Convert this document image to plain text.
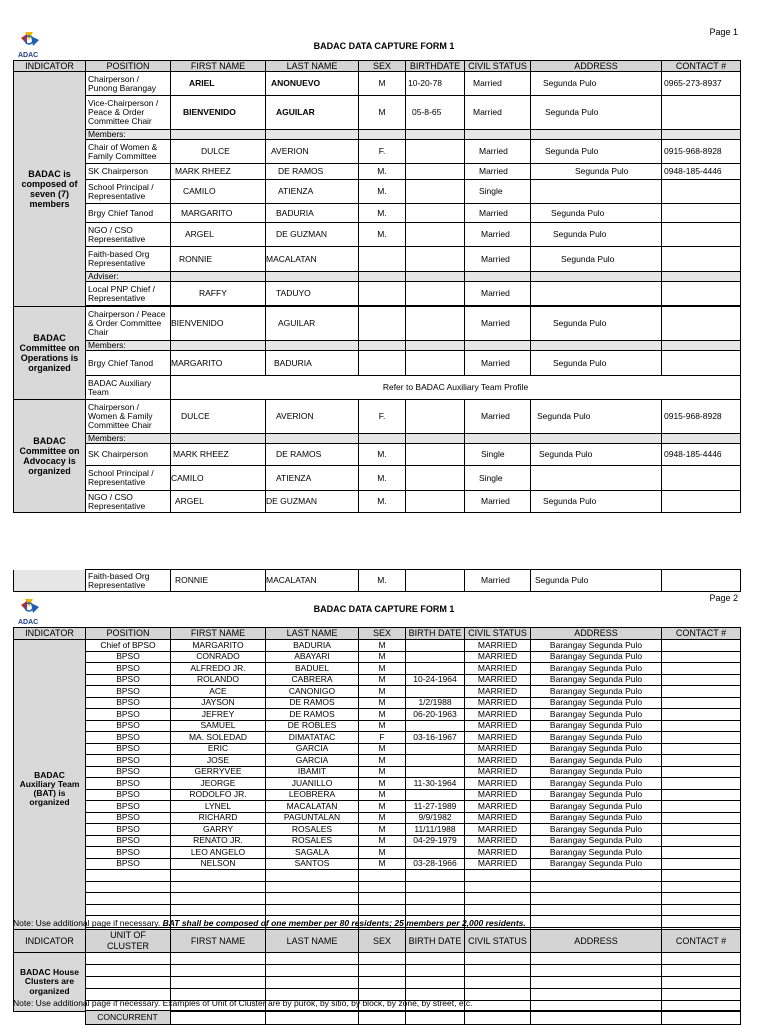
Page 1
ADAC
BADAC DATA CAPTURE FORM 1
INDICATOR	POSITION	FIRST NAME	LAST NAME	SEX	BIRTHDATE	CIVIL STATUS	ADDRESS	CONTACT #
BADAC is composed of seven (7) members	Chairperson / Punong Barangay	ARIEL	ANONUEVO	M	10-20-78	Married	Segunda Pulo	0965-273-8937
	Vice-Chairperson / Peace & Order Committee Chair	BIENVENIDO	AGUILAR	M	05-8-65	Married	Segunda Pulo	
	Members:							
	Chair of Women & Family Committee	DULCE	AVERION	F.		Married	Segunda Pulo	0915-968-8928
	SK Chairperson	MARK RHEEZ	DE RAMOS	M.		Married	Segunda Pulo	0948-185-4446
	School Principal / Representative	CAMILO	ATIENZA	M.		Single		
	Brgy Chief Tanod	MARGARITO	BADURIA	M.		Married	Segunda Pulo	
	NGO / CSO Representative	ARGEL	DE GUZMAN	M.		Married	Segunda Pulo	
	Faith-based Org Representative	RONNIE	MACALATAN			Married	Segunda Pulo	
	Adviser:							
	Local PNP Chief / Representative	RAFFY	TADUYO			Married		

BADAC Committee on Operations is organized	Chairperson / Peace & Order Committee Chair	BIENVENIDO	AGUILAR			Married	Segunda Pulo	
	Members:							
	Brgy Chief Tanod	MARGARITO	BADURIA			Married	Segunda Pulo	
	BADAC Auxiliary Team	Refer to BADAC Auxiliary Team Profile						
BADAC Committee on Advocacy is organized	Chairperson / Women & Family Committee Chair	DULCE	AVERION	F.		Married	Segunda Pulo	0915-968-8928
	Members:							
	SK Chairperson	MARK RHEEZ	DE RAMOS	M.		Single	Segunda Pulo	0948-185-4446
	School Principal / Representative	CAMILO	ATIENZA	M.		Single		
	NGO / CSO Representative	ARGEL	DE GUZMAN	M.		Married	Segunda Pulo	
	Faith-based Org Representative	RONNIE	MACALATAN	M.		Married	Segunda Pulo	
Page 2
ADAC
BADAC DATA CAPTURE FORM 1
INDICATOR	POSITION	FIRST NAME	LAST NAME	SEX	BIRTH DATE	CIVIL STATUS	ADDRESS	CONTACT #
BADAC Auxiliary Team (BAT) is organized	Chief of BPSO	MARGARITO	BADURIA	M		MARRIED	Barangay Segunda Pulo	
	BPSO	CONRADO	ABAYARI	M		MARRIED	Barangay Segunda Pulo	
	BPSO	ALFREDO JR.	BADUEL	M		MARRIED	Barangay Segunda Pulo	
	BPSO	ROLANDO	CABRERA	M	10-24-1964	MARRIED	Barangay Segunda Pulo	
	BPSO	ACE	CANONIGO	M		MARRIED	Barangay Segunda Pulo	
	BPSO	JAYSON	DE RAMOS	M	1/2/1988	MARRIED	Barangay Segunda Pulo	
	BPSO	JEFREY	DE RAMOS	M	06-20-1963	MARRIED	Barangay Segunda Pulo	
	BPSO	SAMUEL	DE ROBLES	M		MARRIED	Barangay Segunda Pulo	
	BPSO	MA. SOLEDAD	DIMATATAC	F	03-16-1967	MARRIED	Barangay Segunda Pulo	
	BPSO	ERIC	GARCIA	M		MARRIED	Barangay Segunda Pulo	
	BPSO	JOSE	GARCIA	M		MARRIED	Barangay Segunda Pulo	
	BPSO	GERRYVEE	IBAMIT	M		MARRIED	Barangay Segunda Pulo	
	BPSO	JEORGE	JUANILLO	M	11-30-1964	MARRIED	Barangay Segunda Pulo	
	BPSO	RODOLFO JR.	LEOBRERA	M		MARRIED	Barangay Segunda Pulo	
	BPSO	LYNEL	MACALATAN	M	11-27-1989	MARRIED	Barangay Segunda Pulo	
	BPSO	RICHARD	PAGUNTALAN	M	9/9/1982	MARRIED	Barangay Segunda Pulo	
	BPSO	GARRY	ROSALES	M	11/11/1988	MARRIED	Barangay Segunda Pulo	
	BPSO	RENATO JR.	ROSALES	M	04-29-1979	MARRIED	Barangay Segunda Pulo	
	BPSO	LEO ANGELO	SAGALA	M		MARRIED	Barangay Segunda Pulo	
	BPSO	NELSON	SANTOS	M	03-28-1966	MARRIED	Barangay Segunda Pulo	

Note: Use additional page if necessary. BAT shall be composed of one member per 80 residents; 25 members per 2,000 residents.
INDICATOR	UNIT OF CLUSTER	FIRST NAME	LAST NAME	SEX	BIRTH DATE	CIVIL STATUS	ADDRESS	CONTACT #
BADAC House Clusters are organized								

Note: Use additional page if necessary. Examples of Unit of Cluster are by purok, by sitio, by block, by zone, by street, etc.
	CONCURRENT							
